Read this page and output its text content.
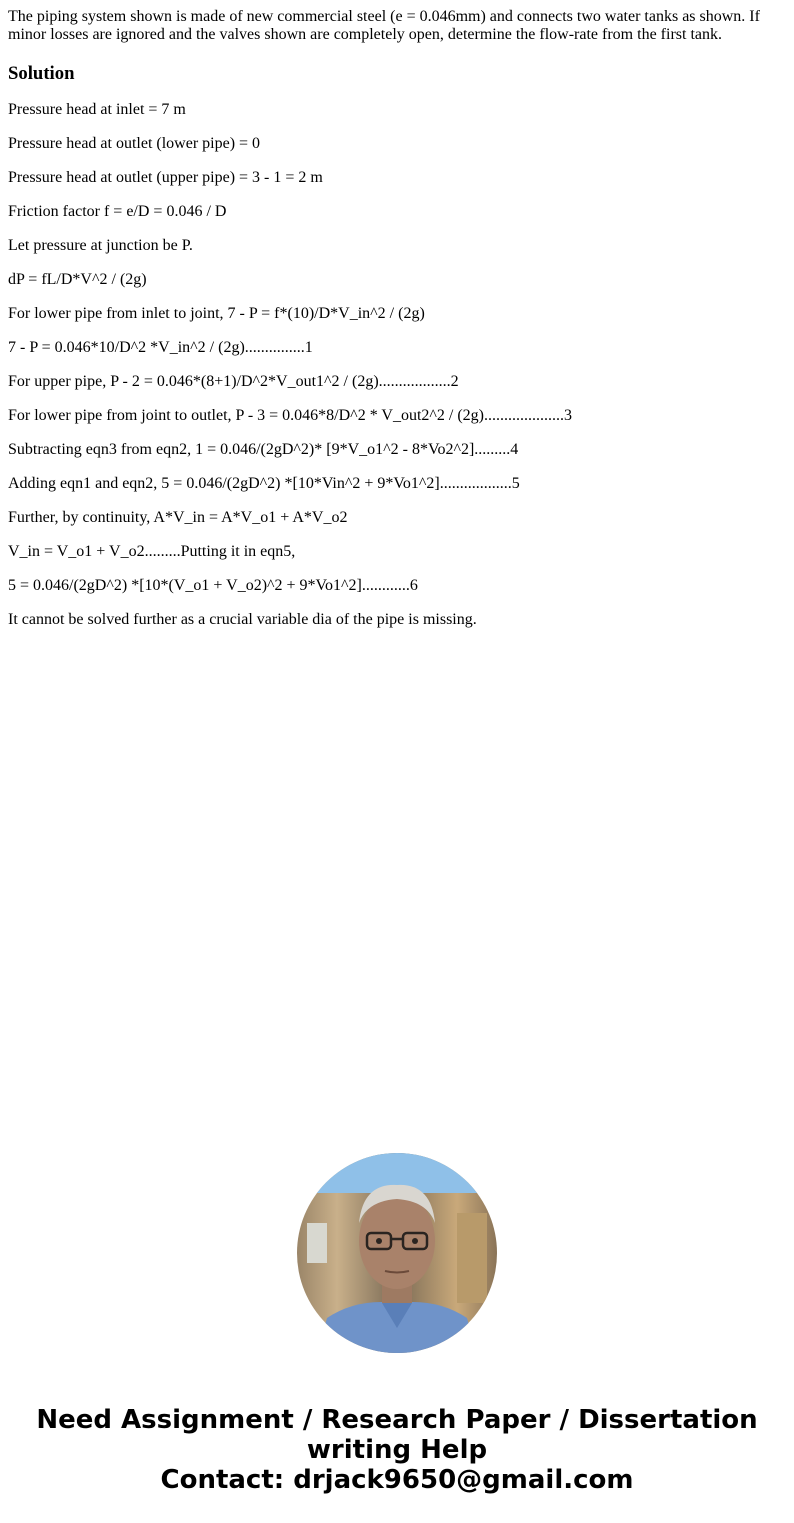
The piping system shown is made of new commercial steel (e = 0.046mm) and connects two water tanks as shown. If minor losses are ignored and the valves shown are completely open, determine the flow-rate from the first tank.

Solution

Pressure head at inlet = 7 m

Pressure head at outlet (lower pipe) = 0

Pressure head at outlet (upper pipe) = 3 - 1 = 2 m

Friction factor f = e/D = 0.046 / D

Let pressure at junction be P.

dP = fL/D*V^2 / (2g)

For lower pipe from inlet to joint, 7 - P = f*(10)/D*V_in^2 / (2g)

7 - P = 0.046*10/D^2 *V_in^2 / (2g)...............1

For upper pipe, P - 2 = 0.046*(8+1)/D^2*V_out1^2 / (2g)..................2

For lower pipe from joint to outlet, P - 3 = 0.046*8/D^2 * V_out2^2 / (2g)....................3

Subtracting eqn3 from eqn2, 1 = 0.046/(2gD^2)* [9*V_o1^2 - 8*Vo2^2].........4

Adding eqn1 and eqn2, 5 = 0.046/(2gD^2) *[10*Vin^2 + 9*Vo1^2]..................5

Further, by continuity, A*V_in = A*V_o1 + A*V_o2

V_in = V_o1 + V_o2.........Putting it in eqn5,

5 = 0.046/(2gD^2) *[10*(V_o1 + V_o2)^2 + 9*Vo1^2]............6

It cannot be solved further as a crucial variable dia of the pipe is missing.

Need Assignment / Research Paper / Dissertation
writing Help
Contact: drjack9650@gmail.com
